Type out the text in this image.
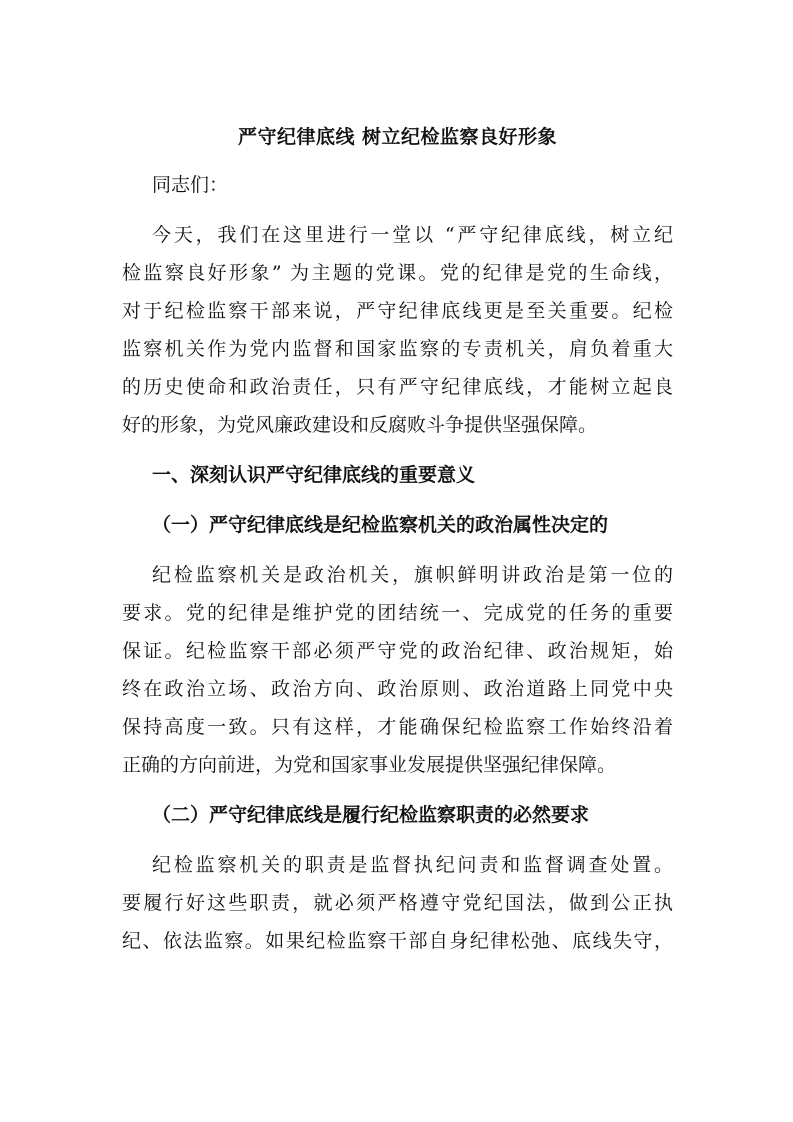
严守纪律底线 树立纪检监察良好形象
同志们：
今天，我们在这里进行一堂以 “严守纪律底线，树立纪
检监察良好形象” 为主题的党课。党的纪律是党的生命线，
对于纪检监察干部来说，严守纪律底线更是至关重要。纪检
监察机关作为党内监督和国家监察的专责机关，肩负着重大
的历史使命和政治责任，只有严守纪律底线，才能树立起良
好的形象，为党风廉政建设和反腐败斗争提供坚强保障。
一、深刻认识严守纪律底线的重要意义
（一）严守纪律底线是纪检监察机关的政治属性决定的
纪检监察机关是政治机关，旗帜鲜明讲政治是第一位的
要求。党的纪律是维护党的团结统一、完成党的任务的重要
保证。纪检监察干部必须严守党的政治纪律、政治规矩，始
终在政治立场、政治方向、政治原则、政治道路上同党中央
保持高度一致。只有这样，才能确保纪检监察工作始终沿着
正确的方向前进，为党和国家事业发展提供坚强纪律保障。
（二）严守纪律底线是履行纪检监察职责的必然要求
纪检监察机关的职责是监督执纪问责和监督调查处置。
要履行好这些职责，就必须严格遵守党纪国法，做到公正执
纪、依法监察。如果纪检监察干部自身纪律松弛、底线失守，
